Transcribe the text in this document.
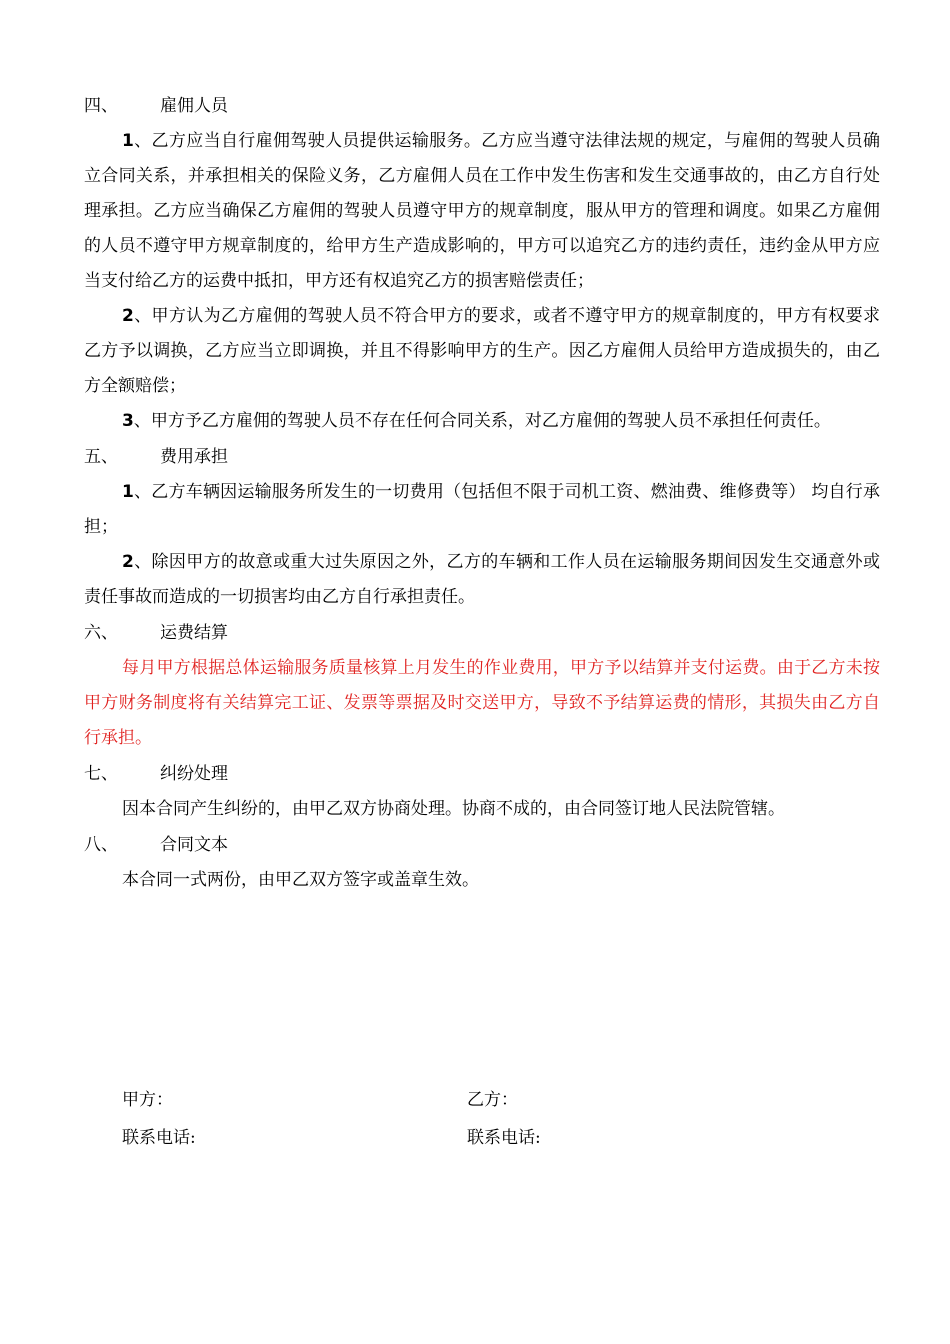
四、 雇佣人员

1、乙方应当自行雇佣驾驶人员提供运输服务。乙方应当遵守法律法规的规定，与雇佣的驾驶人员确立合同关系，并承担相关的保险义务，乙方雇佣人员在工作中发生伤害和发生交通事故的，由乙方自行处理承担。乙方应当确保乙方雇佣的驾驶人员遵守甲方的规章制度，服从甲方的管理和调度。如果乙方雇佣的人员不遵守甲方规章制度的，给甲方生产造成影响的，甲方可以追究乙方的违约责任，违约金从甲方应当支付给乙方的运费中抵扣，甲方还有权追究乙方的损害赔偿责任；

2、甲方认为乙方雇佣的驾驶人员不符合甲方的要求，或者不遵守甲方的规章制度的，甲方有权要求乙方予以调换，乙方应当立即调换，并且不得影响甲方的生产。因乙方雇佣人员给甲方造成损失的，由乙方全额赔偿；

3、甲方予乙方雇佣的驾驶人员不存在任何合同关系，对乙方雇佣的驾驶人员不承担任何责任。

五、 费用承担

1、乙方车辆因运输服务所发生的一切费用（包括但不限于司机工资、燃油费、维修费等） 均自行承担；

2、除因甲方的故意或重大过失原因之外，乙方的车辆和工作人员在运输服务期间因发生交通意外或责任事故而造成的一切损害均由乙方自行承担责任。

六、 运费结算

每月甲方根据总体运输服务质量核算上月发生的作业费用，甲方予以结算并支付运费。由于乙方未按甲方财务制度将有关结算完工证、发票等票据及时交送甲方，导致不予结算运费的情形，其损失由乙方自行承担。

七、 纠纷处理

因本合同产生纠纷的，由甲乙双方协商处理。协商不成的，由合同签订地人民法院管辖。

八、 合同文本

本合同一式两份，由甲乙双方签字或盖章生效。

甲方：
联系电话:
乙方：
联系电话:
